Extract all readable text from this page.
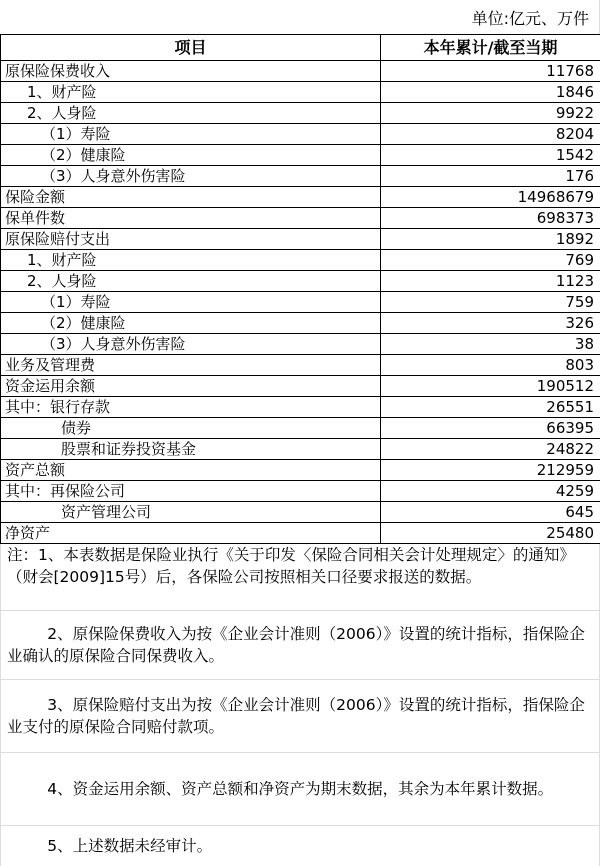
单位:亿元、万件
项目	本年累计/截至当期
原保险保费收入	11768
1、财产险	1846
2、人身险	9922
（1）寿险	8204
（2）健康险	1542
（3）人身意外伤害险	176
保险金额	14968679
保单件数	698373
原保险赔付支出	1892
1、财产险	769
2、人身险	1123
（1）寿险	759
（2）健康险	326
（3）人身意外伤害险	38
业务及管理费	803
资金运用余额	190512
其中：银行存款	26551
债券	66395
股票和证券投资基金	24822
资产总额	212959
其中：再保险公司	4259
资产管理公司	645
净资产	25480
注：1、本表数据是保险业执行《关于印发〈保险合同相关会计处理规定〉的通知》（财会[2009]15号）后，各保险公司按照相关口径要求报送的数据。
2、原保险保费收入为按《企业会计准则（2006）》设置的统计指标，指保险企业确认的原保险合同保费收入。
3、原保险赔付支出为按《企业会计准则（2006）》设置的统计指标，指保险企业支付的原保险合同赔付款项。
4、资金运用余额、资产总额和净资产为期末数据，其余为本年累计数据。
5、上述数据未经审计。
